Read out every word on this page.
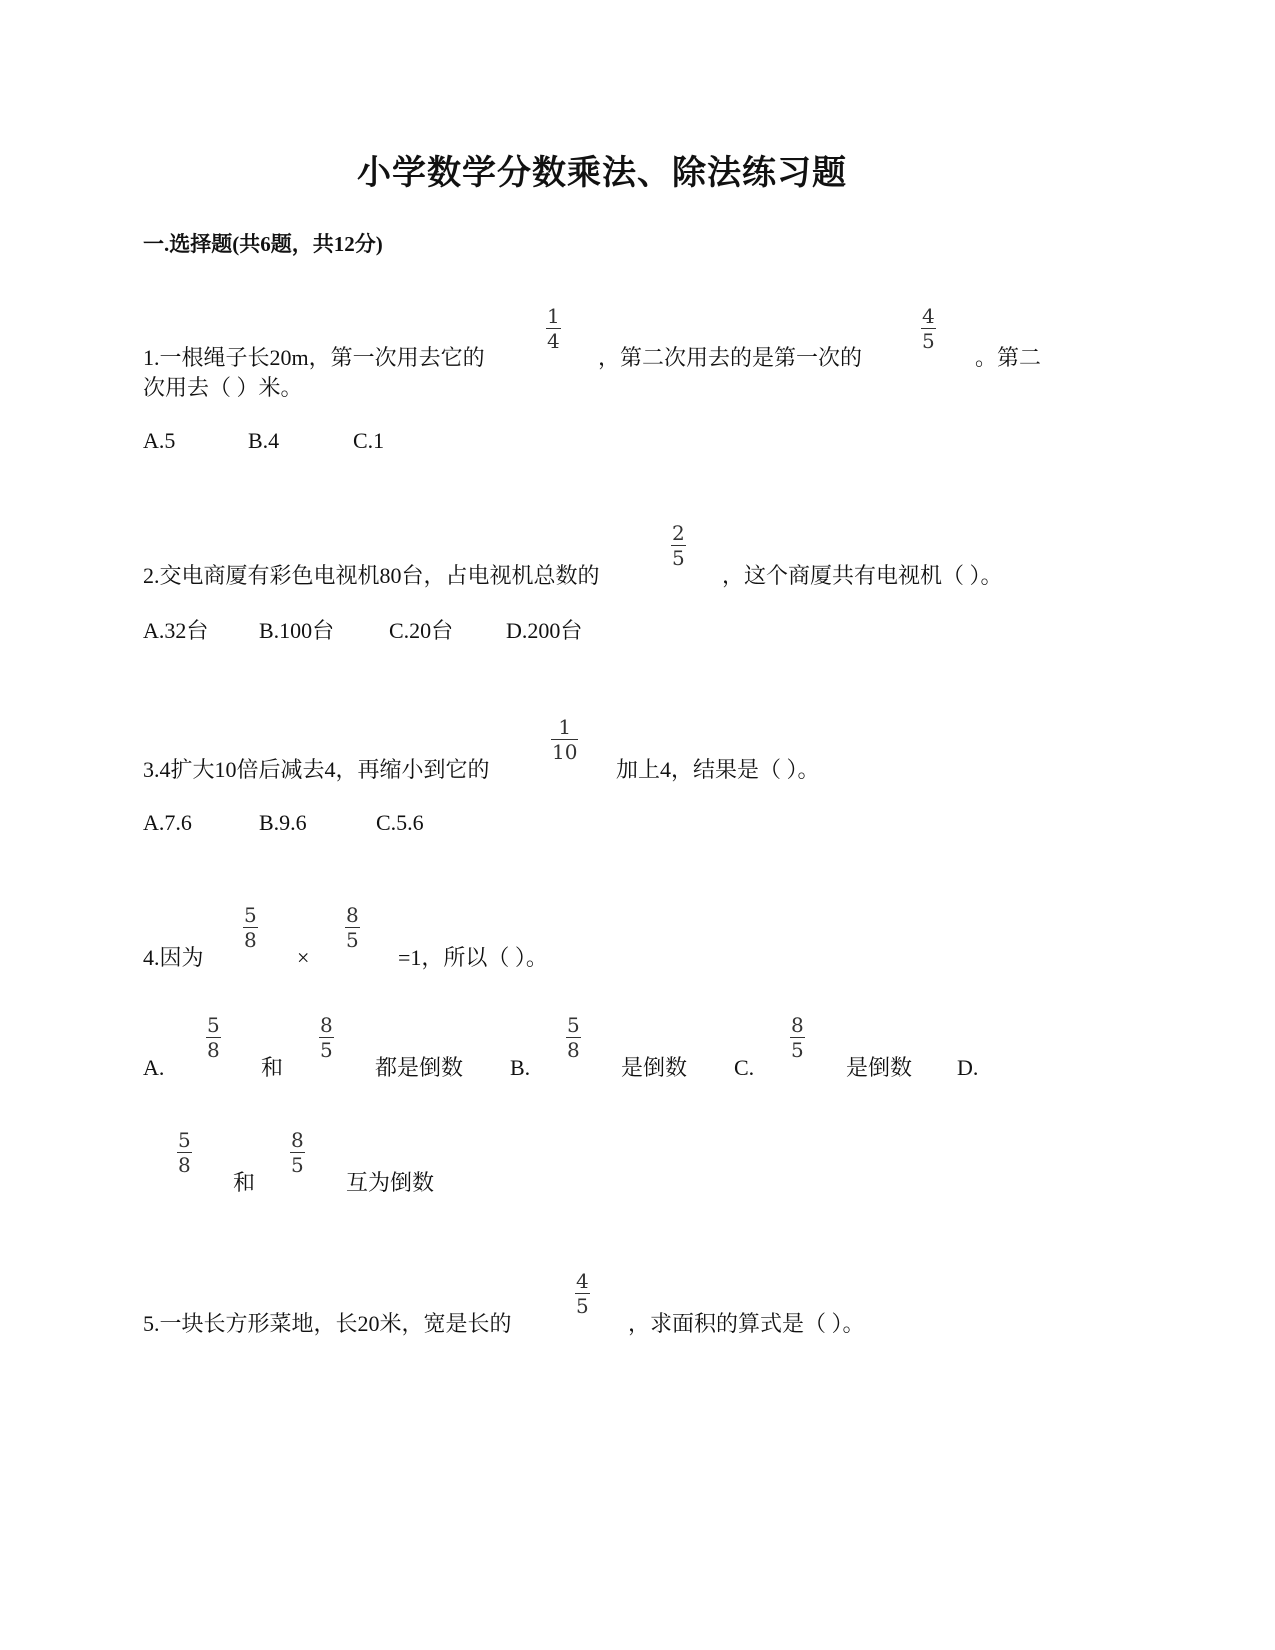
小学数学分数乘法、除法练习题
一.选择题(共6题，共12分)
1.一根绳子长20m，第一次用去它的
1
4
，第二次用去的是第一次的
4
5
。第二
次用去（ ）米。
A.5	B.4	C.1
2.交电商厦有彩色电视机80台，占电视机总数的
2
5
，这个商厦共有电视机（ ）。
A.32台 B.100台 C.20台 D.200台
3.4扩大10倍后减去4，再缩小到它的
1
10
加上4，结果是（ ）。
A.7.6	B.9.6	C.5.6
4.因为
5
8
×
8
5
=1，所以（ ）。
A.
5
8
和
8
5
都是倒数 B.
5
8
是倒数 C.
8
5
是倒数 D.
5
8
和
8
5
互为倒数
5.一块长方形菜地，长20米，宽是长的
4
5
，求面积的算式是（ ）。
